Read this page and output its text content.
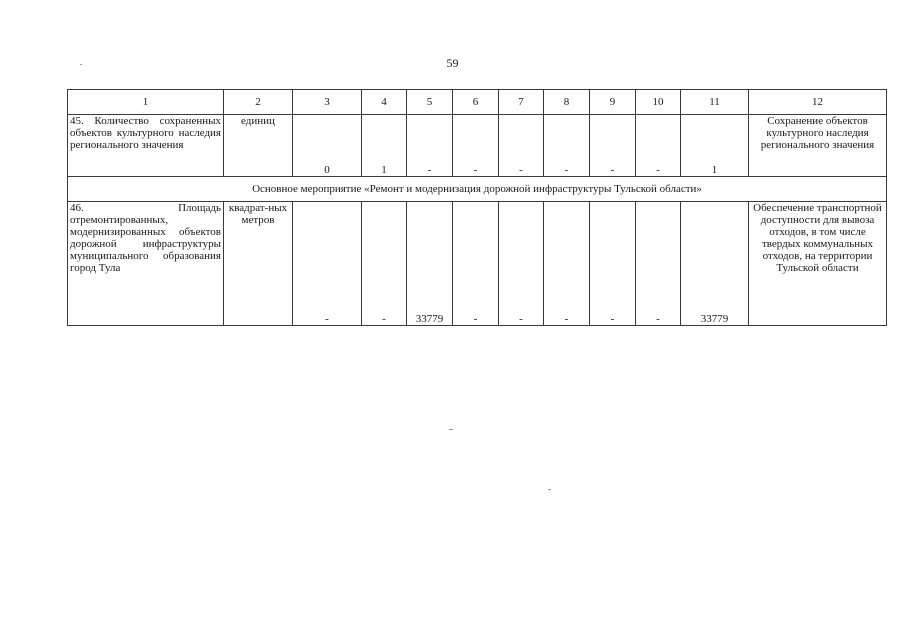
59
1	2	3	4	5	6	7	8	9	10	11	12
45. Количество сохраненных объектов культурного наследия регионального значения	единиц	0	1	-	-	-	-	-	-	1	Сохранение объектов культурного наследия регионального значения
Основное мероприятие «Ремонт и модернизация дорожной инфраструктуры Тульской области»											
46. Площадь отремонтированных, модернизированных объектов дорожной инфраструктуры муниципального образования город Тула	квадрат-ных метров	-	-	33779	-	-	-	-	-	33779	Обеспечение транспортной доступности для вывоза отходов, в том числе твердых коммунальных отходов, на территории Тульской области
